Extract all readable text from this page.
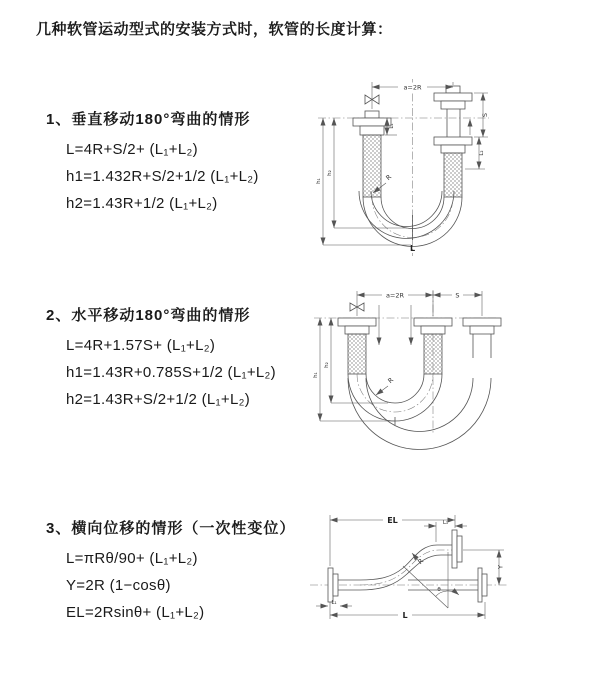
几种软管运动型式的安装方式时，软管的长度计算：
1、垂直移动180°弯曲的情形
L=4R+S/2+ (L₁+L₂)
h1=1.432R+S/2+1/2 (L₁+L₂)
h2=1.43R+1/2 (L₁+L₂)
2、水平移动180°弯曲的情形
L=4R+1.57S+ (L₁+L₂)
h1=1.43R+0.785S+1/2 (L₁+L₂)
h2=1.43R+S/2+1/2 (L₁+L₂)
3、横向位移的情形（一次性变位）
L=πRθ/90+ (L₁+L₂)
Y=2R (1−cosθ)
EL=2Rsinθ+ (L₁+L₂)
a=2R
S
L₂
h₁
h₂
L₁
R
L
a=2R	S
h₁
h₂
R
θ
EL	L₁
Y
L
L₁
R
